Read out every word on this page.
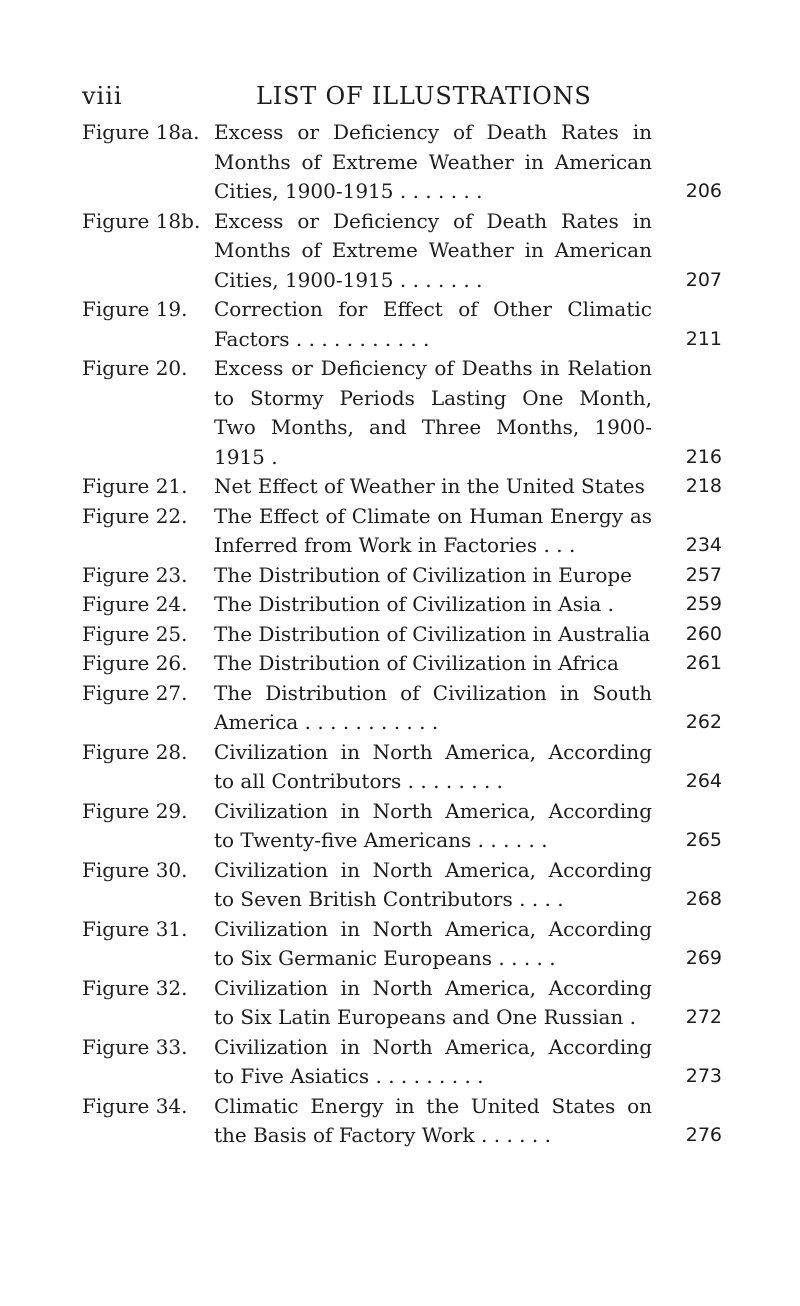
viii	LIST OF ILLUSTRATIONS
Figure 18a. Excess or Deficiency of Death Rates in Months of Extreme Weather in American Cities, 1900-1915 . . . . . . .	206
Figure 18b. Excess or Deficiency of Death Rates in Months of Extreme Weather in American Cities, 1900-1915 . . . . . . .	207
Figure 19.	Correction for Effect of Other Climatic Factors . . . . . . . . . . .	211
Figure 20.	Excess or Deficiency of Deaths in Relation to Stormy Periods Lasting One Month, Two Months, and Three Months, 1900-1915 .	216
Figure 21.	Net Effect of Weather in the United States	218
Figure 22.	The Effect of Climate on Human Energy as Inferred from Work in Factories . . .	234
Figure 23.	The Distribution of Civilization in Europe	257
Figure 24.	The Distribution of Civilization in Asia .	259
Figure 25.	The Distribution of Civilization in Australia	260
Figure 26.	The Distribution of Civilization in Africa	261
Figure 27.	The Distribution of Civilization in South America . . . . . . . . . . .	262
Figure 28.	Civilization in North America, According to all Contributors . . . . . . . .	264
Figure 29.	Civilization in North America, According to Twenty-five Americans . . . . . .	265
Figure 30.	Civilization in North America, According to Seven British Contributors . . . .	268
Figure 31.	Civilization in North America, According to Six Germanic Europeans . . . . .	269
Figure 32.	Civilization in North America, According to Six Latin Europeans and One Russian .	272
Figure 33.	Civilization in North America, According to Five Asiatics . . . . . . . . .	273
Figure 34.	Climatic Energy in the United States on the Basis of Factory Work . . . . . .	276
